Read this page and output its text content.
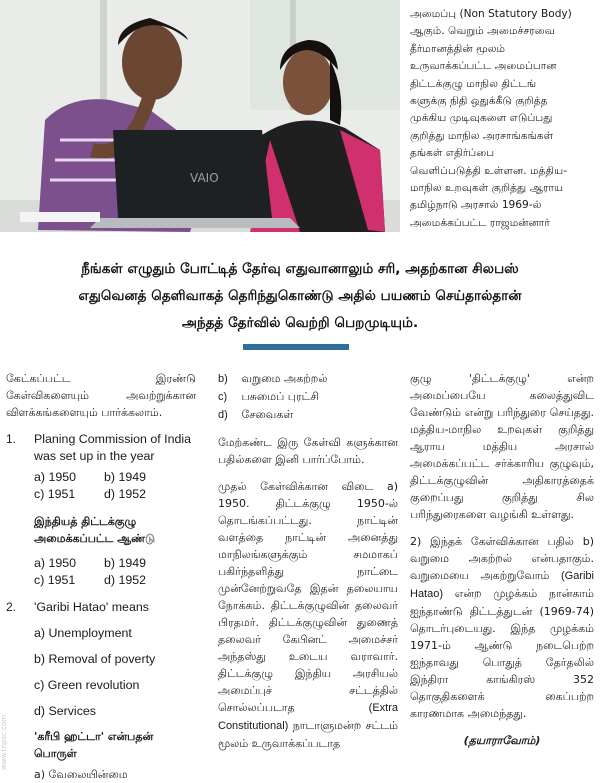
VAIO

அமைப்பு (Non Statutory Body)

ஆகும். வெறும் அமைச்சரவை

தீர்மானத்தின் மூலம்

உருவாக்கப்பட்ட அமைப்பான

திட்டக்குழு மாநில திட்டங்

களுக்கு நிதி ஒதுக்கீடு குறித்த

முக்கிய முடிவுகளை எடுப்பது

குறித்து மாநில அரசாங்கங்கள்

தங்கள் எதிர்ப்பை

வெளிப்படுத்தி உள்ளன. மத்திய-

மாநில உறவுகள் குறித்து ஆராய

தமிழ்நாடு அரசால் 1969-ல்

அமைக்கப்பட்ட ராஜமன்னார்

நீங்கள் எழுதும் போட்டித் தேர்வு எதுவானாலும் சரி, அதற்கான சிலபஸ்
எதுவெனத் தெளிவாகத் தெரிந்துகொண்டு அதில் பயணம் செய்தால்தான்
அந்தத் தேர்வில் வெற்றி பெறமுடியும்.

கேட்கப்பட்ட இரண்டு கேள்விகளையும் அவற்றுக்கான விளக்கங்களையும் பார்க்கலாம்.

1.	Planing Commission of India was set up in the year
a) 1950	b) 1949
c) 1951	d) 1952
இந்தியத் திட்டக்குழு அமைக்கப்பட்ட ஆண்டு
a) 1950	b) 1949
c) 1951	d) 1952
2.	'Garibi Hatao' means
a) Unemployment
b) Removal of poverty
c) Green revolution
d) Services
'கரீபி ஹட்டா' என்பதன் பொருள்
a) வேலையின்மை
b) வறுமை அகற்றல்
c) பசுமைப் புரட்சி
d) சேவைகள்

மேற்கண்ட இரு கேள்வி களுக்கான பதில்களை இனி பார்ப்போம்.

முதல் கேள்விக்கான விடை a) 1950. திட்டக்குழு 1950-ல் தொடங்கப்பட்டது. நாட்டின் வளத்தை நாட்டின் அனைத்து மாநிலங்களுக்கும் சமமாகப் பகிர்ந்தளித்து நாட்டை முன்னேற்றுவதே இதன் தலையாய நோக்கம். திட்டக்குழுவின் தலைவர் பிரதமர். திட்டக்குழுவின் துணைத் தலைவர் கேபினட் அமைச்சர் அந்தஸ்து உடைய வராவார். திட்டக்குழு இந்திய அரசியல் அமைப்புச் சட்டத்தில் சொல்லப்படாத	(Extra Constitutional) நாடாளுமன்ற சட்டம் மூலம் உருவாக்கப்படாத

குழு 'திட்டக்குழு' என்ற அமைப்பையே கலைத்துவிட வேண்டும் என்று பரிந்துரை செய்தது. மத்திய-மாநில உறவுகள் குறித்து ஆராய மத்திய அரசால் அமைக்கப்பட்ட சர்க்காரிய குழுவும், திட்டக்குழுவின் அதிகாரத்தைக் குறைப்பது குறித்து சில பரிந்துரைகளை வழங்கி உள்ளது.

2) இந்தக் கேள்விக்கான பதில் b) வறுமை அகற்றல் என்பதாகும். வறுமையை அகற்றுவோம் (Garibi Hatao) என்ற முழக்கம் நான்காம் ஐந்தாண்டு திட்டத்துடன் (1969-74) தொடர்புடையது. இந்த முழக்கம் 1971-ம் ஆண்டு நடைபெற்ற ஐந்தாவது பொதுத் தேர்தலில் இந்திரா காங்கிரஸ் 352 தொகுதிகளைக் கைப்பற்ற காரணமாக அமைந்தது.

(தயாராவோம்)

www.tnpsc.com
